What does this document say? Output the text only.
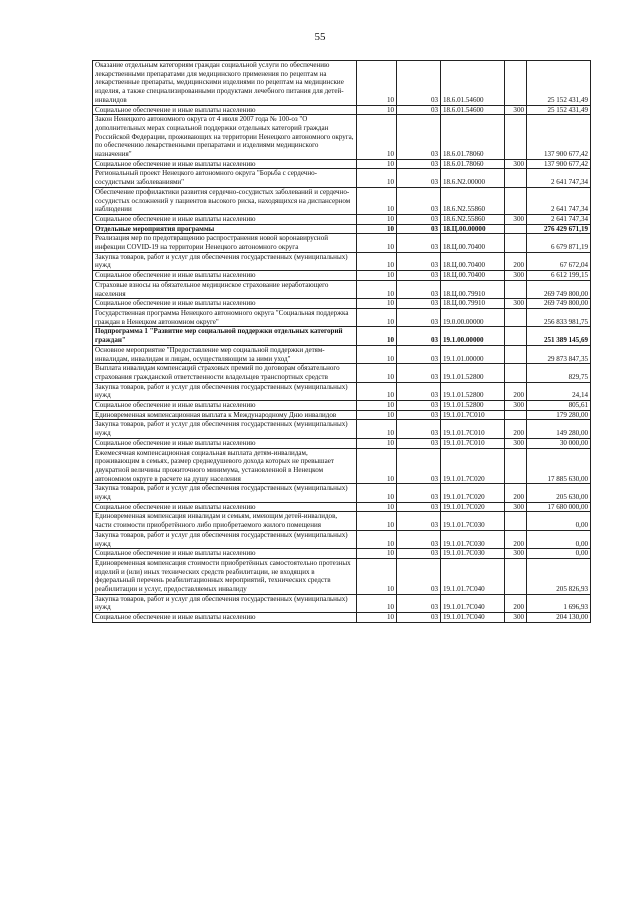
55
Оказание отдельным категориям граждан социальной услуги по обеспечению лекарственными препаратами для медицинского применения по рецептам на лекарственные препараты, медицинскими изделиями по рецептам на медицинские изделия, а также специализированными продуктами лечебного питания для детей-инвалидов	10	03	18.6.01.54600		25 152 431,49
Социальное обеспечение и иные выплаты населению	10	03	18.6.01.54600	300	25 152 431,49
Закон Ненецкого автономного округа от 4 июля 2007 года № 100-оз "О дополнительных мерах социальной поддержки отдельных категорий граждан Российской Федерации, проживающих на территории Ненецкого автономного округа, по обеспечению лекарственными препаратами и изделиями медицинского назначения"	10	03	18.6.01.78060		137 900 677,42
Социальное обеспечение и иные выплаты населению	10	03	18.6.01.78060	300	137 900 677,42
Региональный проект Ненецкого автономного округа "Борьба с сердечно-сосудистыми заболеваниями"	10	03	18.6.N2.00000		2 641 747,34
Обеспечение профилактики развития сердечно-сосудистых заболеваний и сердечно-сосудистых осложнений у пациентов высокого риска, находящихся на диспансерном наблюдении	10	03	18.6.N2.55860		2 641 747,34
Социальное обеспечение и иные выплаты населению	10	03	18.6.N2.55860	300	2 641 747,34
Отдельные мероприятия программы	10	03	18.Ц.00.00000		276 429 671,19
Реализация мер по предотвращению распространения новой коронавирусной инфекции COVID-19 на территории Ненецкого автономного округа	10	03	18.Ц.00.70400		6 679 871,19
Закупка товаров, работ и услуг для обеспечения государственных (муниципальных) нужд	10	03	18.Ц.00.70400	200	67 672,04
Социальное обеспечение и иные выплаты населению	10	03	18.Ц.00.70400	300	6 612 199,15
Страховые взносы на обязательное медицинское страхование неработающего населения	10	03	18.Ц.00.79910		269 749 800,00
Социальное обеспечение и иные выплаты населению	10	03	18.Ц.00.79910	300	269 749 800,00
Государственная программа Ненецкого автономного округа "Социальная поддержка граждан в Ненецком автономном округе"	10	03	19.0.00.00000		256 833 981,75
Подпрограмма 1 "Развитие мер социальной поддержки отдельных категорий граждан"	10	03	19.1.00.00000		251 389 145,69
Основное мероприятие "Предоставление мер социальной поддержки детям-инвалидам, инвалидам и лицам, осуществляющим за ними уход"	10	03	19.1.01.00000		29 873 847,35
Выплата инвалидам компенсаций страховых премий по договорам обязательного страхования гражданской ответственности владельцев транспортных средств	10	03	19.1.01.52800		829,75
Закупка товаров, работ и услуг для обеспечения государственных (муниципальных) нужд	10	03	19.1.01.52800	200	24,14
Социальное обеспечение и иные выплаты населению	10	03	19.1.01.52800	300	805,61
Единовременная компенсационная выплата к Международному Дню инвалидов	10	03	19.1.01.7С010		179 280,00
Закупка товаров, работ и услуг для обеспечения государственных (муниципальных) нужд	10	03	19.1.01.7С010	200	149 280,00
Социальное обеспечение и иные выплаты населению	10	03	19.1.01.7С010	300	30 000,00
Ежемесячная компенсационная социальная выплата детям-инвалидам, проживающим в семьях, размер среднедушевого дохода которых не превышает двукратной величины прожиточного минимума, установленной в Ненецком автономном округе в расчете на душу населения	10	03	19.1.01.7С020		17 885 630,00
Закупка товаров, работ и услуг для обеспечения государственных (муниципальных) нужд	10	03	19.1.01.7С020	200	205 630,00
Социальное обеспечение и иные выплаты населению	10	03	19.1.01.7С020	300	17 680 000,00
Единовременная компенсация инвалидам и семьям, имеющим детей-инвалидов, части стоимости приобретённого либо приобретаемого жилого помещения	10	03	19.1.01.7С030		0,00
Закупка товаров, работ и услуг для обеспечения государственных (муниципальных) нужд	10	03	19.1.01.7С030	200	0,00
Социальное обеспечение и иные выплаты населению	10	03	19.1.01.7С030	300	0,00
Единовременная компенсация стоимости приобретённых самостоятельно протезных изделий и (или) иных технических средств реабилитации, не входящих в федеральный перечень реабилитационных мероприятий, технических средств реабилитации и услуг, предоставляемых инвалиду	10	03	19.1.01.7С040		205 826,93
Закупка товаров, работ и услуг для обеспечения государственных (муниципальных) нужд	10	03	19.1.01.7С040	200	1 696,93
Социальное обеспечение и иные выплаты населению	10	03	19.1.01.7С040	300	204 130,00
